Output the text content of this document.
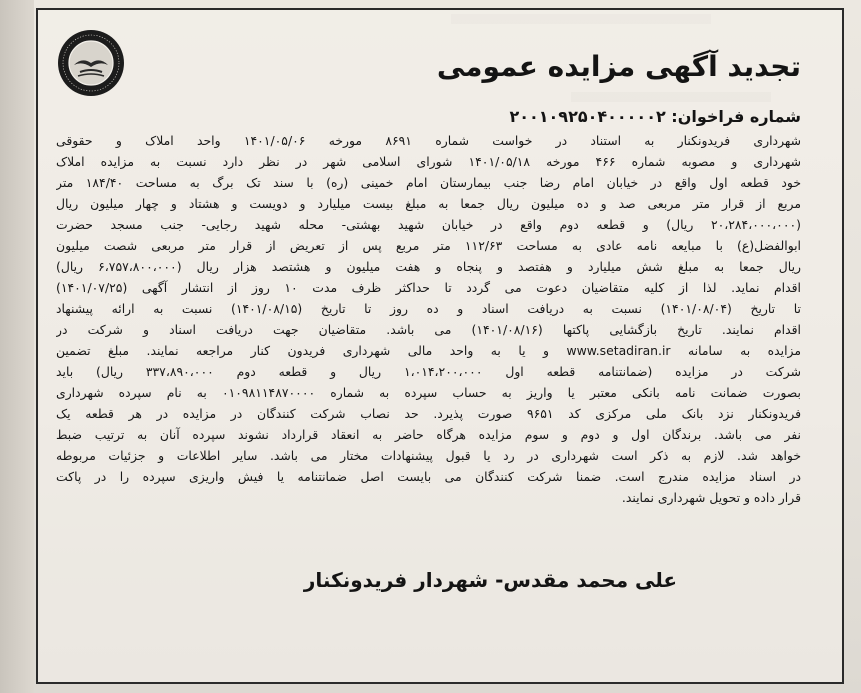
تجدید آگهی مزایده عمومی
شماره فراخوان: ۲۰۰۱۰۹۲۵۰۴۰۰۰۰۰۲
شهرداری فریدونکنار به استناد در خواست شماره ۸۶۹۱ مورخه ۱۴۰۱/۰۵/۰۶ واحد املاک و حقوقی
شهرداری و مصوبه شماره ۴۶۶ مورخه ۱۴۰۱/۰۵/۱۸ شورای اسلامی شهر در نظر دارد نسبت به مزایده املاک
خود قطعه اول واقع در خیابان امام رضا جنب بیمارستان امام خمینی (ره) با سند تک برگ به مساحت ۱۸۴/۴۰ متر
مربع از قرار متر مربعی صد و ده میلیون ریال جمعا به مبلغ بیست میلیارد و دویست و هشتاد و چهار میلیون ریال
(۲۰،۲۸۴،۰۰۰،۰۰۰ ریال) و قطعه دوم واقع در خیابان شهید بهشتی- محله شهید رجایی- جنب مسجد حضرت
ابوالفضل(ع) با مبایعه نامه عادی به مساحت ۱۱۲/۶۳ متر مربع پس از تعریض از قرار متر مربعی شصت میلیون
ریال جمعا به مبلغ شش میلیارد و هفتصد و پنجاه و هفت میلیون و هشتصد هزار ریال (۶،۷۵۷،۸۰۰،۰۰۰ ریال)
اقدام نماید. لذا از کلیه متقاضیان دعوت می گردد تا حداکثر ظرف مدت ۱۰ روز از انتشار آگهی (۱۴۰۱/۰۷/۲۵)
تا تاریخ (۱۴۰۱/۰۸/۰۴) نسبت به دریافت اسناد و ده روز تا تاریخ (۱۴۰۱/۰۸/۱۵) نسبت به ارائه پیشنهاد
اقدام نمایند. تاریخ بازگشایی پاکتها (۱۴۰۱/۰۸/۱۶) می باشد. متقاضیان جهت دریافت اسناد و شرکت در
مزایده به سامانه www.setadiran.ir و یا به واحد مالی شهرداری فریدون کنار مراجعه نمایند. مبلغ تضمین
شرکت در مزایده (ضمانتنامه قطعه اول ۱،۰۱۴،۲۰۰،۰۰۰ ریال و قطعه دوم ۳۳۷،۸۹۰،۰۰۰ ریال) باید
بصورت ضمانت نامه بانکی معتبر یا واریز به حساب سپرده به شماره ۰۱۰۹۸۱۱۴۸۷۰۰۰۰ به نام سپرده شهرداری
فریدونکنار نزد بانک ملی مرکزی کد ۹۶۵۱ صورت پذیرد. حد نصاب شرکت کنندگان در مزایده در هر قطعه یک
نفر می باشد. برندگان اول و دوم و سوم مزایده هرگاه حاضر به انعقاد قرارداد نشوند سپرده آنان به ترتیب ضبط
خواهد شد. لازم به ذکر است شهرداری در رد یا قبول پیشنهادات مختار می باشد. سایر اطلاعات و جزئیات مربوطه
در اسناد مزایده مندرج است. ضمنا شرکت کنندگان می بایست اصل ضمانتنامه یا فیش واریزی سپرده را در پاکت
قرار داده و تحویل شهرداری نمایند.
علی محمد مقدس- شهردار فریدونکنار
